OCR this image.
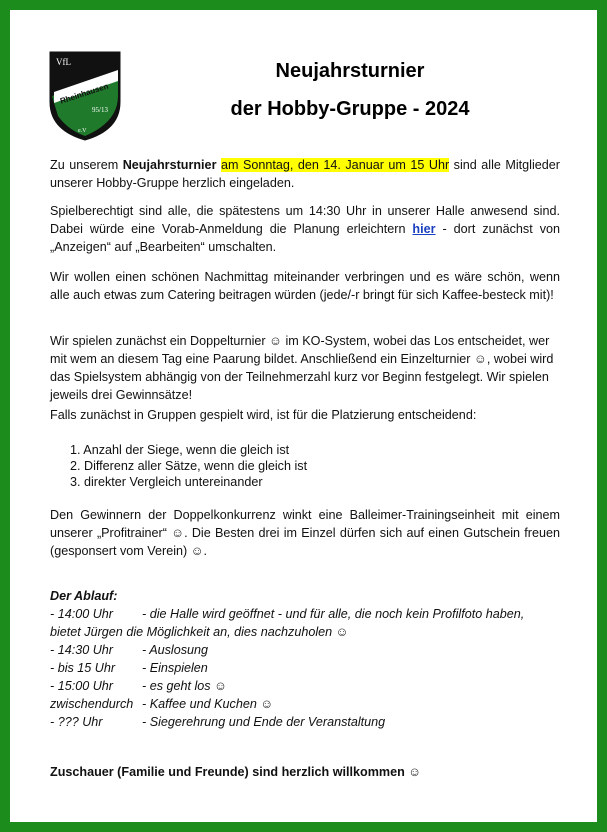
VfL
Rheinhausen
95/13
e.V
Neujahrsturnier
der Hobby-Gruppe - 2024
Zu unserem Neujahrsturnier am Sonntag, den 14. Januar um 15 Uhr sind alle Mitglieder unserer Hobby-Gruppe herzlich eingeladen.
Spielberechtigt sind alle, die spätestens um 14:30 Uhr in unserer Halle anwesend sind. Dabei würde eine Vorab-Anmeldung die Planung erleichtern hier - dort zunächst von „Anzeigen“ auf „Bearbeiten“ umschalten.
Wir wollen einen schönen Nachmittag miteinander verbringen und es wäre schön, wenn alle auch etwas zum Catering beitragen würden (jede/-r bringt für sich Kaffee-besteck mit)!
Wir spielen zunächst ein Doppelturnier ☺ im KO-System, wobei das Los entscheidet, wer mit wem an diesem Tag eine Paarung bildet. Anschließend ein Einzelturnier ☺, wobei wird das Spielsystem abhängig von der Teilnehmerzahl kurz vor Beginn festgelegt. Wir spielen jeweils drei Gewinnsätze!
Falls zunächst in Gruppen gespielt wird, ist für die Platzierung entscheidend:
1. Anzahl der Siege, wenn die gleich ist
2. Differenz aller Sätze, wenn die gleich ist
3. direkter Vergleich untereinander
Den Gewinnern der Doppelkonkurrenz winkt eine Balleimer-Trainingseinheit mit einem unserer „Profitrainer“ ☺. Die Besten drei im Einzel dürfen sich auf einen Gutschein freuen (gesponsert vom Verein) ☺.
Der Ablauf:
- 14:00 Uhr - die Halle wird geöffnet - und für alle, die noch kein Profilfoto haben,
bietet Jürgen die Möglichkeit an, dies nachzuholen ☺
- 14:30 Uhr - Auslosung
- bis 15 Uhr - Einspielen
- 15:00 Uhr - es geht los ☺
zwischendurch - Kaffee und Kuchen ☺
- ??? Uhr	- Siegerehrung und Ende der Veranstaltung
Zuschauer (Familie und Freunde) sind herzlich willkommen ☺
